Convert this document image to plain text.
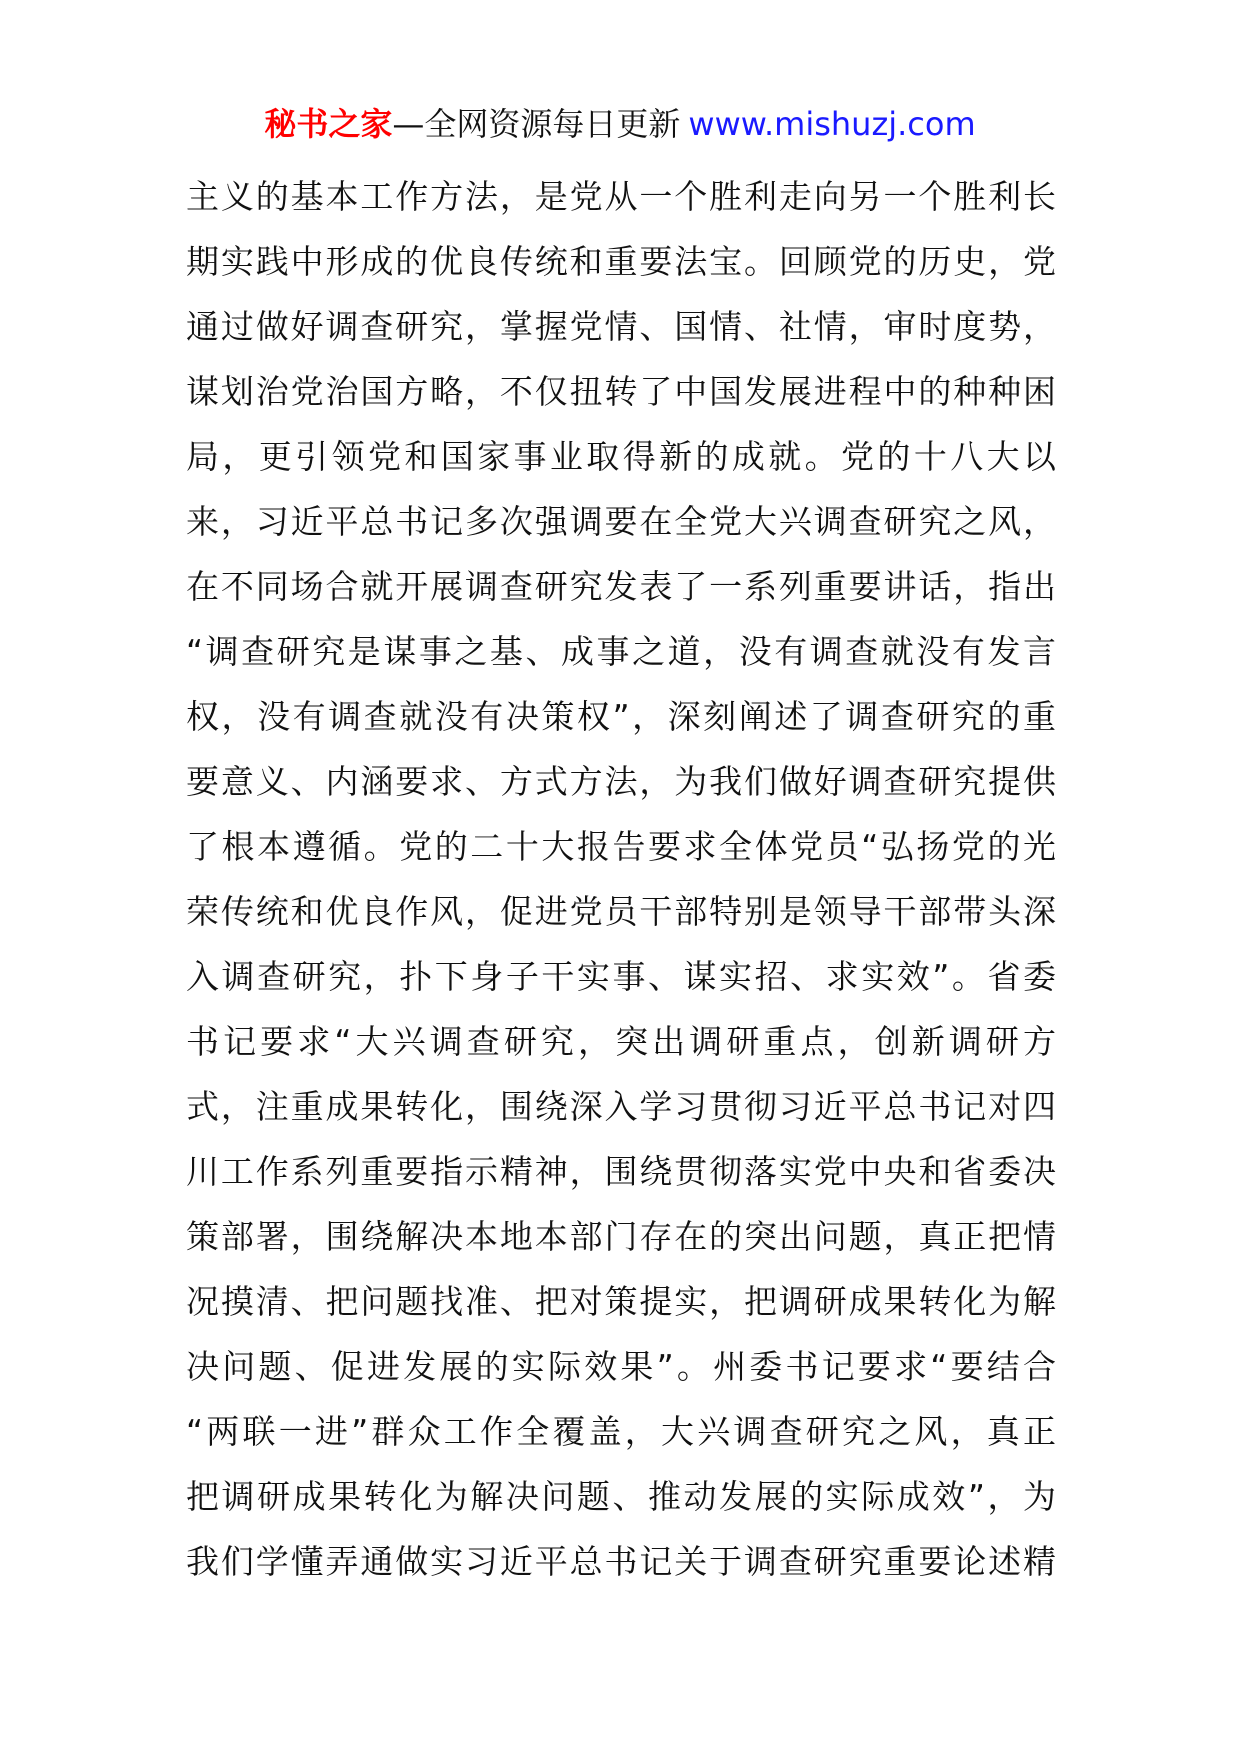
秘书之家—全网资源每日更新 www.mishuzj.com
主义的基本工作方法，是党从一个胜利走向另一个胜利长
期实践中形成的优良传统和重要法宝。回顾党的历史，党
通过做好调查研究，掌握党情、国情、社情，审时度势，
谋划治党治国方略，不仅扭转了中国发展进程中的种种困
局，更引领党和国家事业取得新的成就。党的十八大以
来，习近平总书记多次强调要在全党大兴调查研究之风，
在不同场合就开展调查研究发表了一系列重要讲话，指出
“调查研究是谋事之基、成事之道，没有调查就没有发言
权，没有调查就没有决策权”，深刻阐述了调查研究的重
要意义、内涵要求、方式方法，为我们做好调查研究提供
了根本遵循。党的二十大报告要求全体党员“弘扬党的光
荣传统和优良作风，促进党员干部特别是领导干部带头深
入调查研究，扑下身子干实事、谋实招、求实效”。省委
书记要求“大兴调查研究，突出调研重点，创新调研方
式，注重成果转化，围绕深入学习贯彻习近平总书记对四
川工作系列重要指示精神，围绕贯彻落实党中央和省委决
策部署，围绕解决本地本部门存在的突出问题，真正把情
况摸清、把问题找准、把对策提实，把调研成果转化为解
决问题、促进发展的实际效果”。州委书记要求“要结合
“两联一进”群众工作全覆盖，大兴调查研究之风，真正
把调研成果转化为解决问题、推动发展的实际成效”，为
我们学懂弄通做实习近平总书记关于调查研究重要论述精
